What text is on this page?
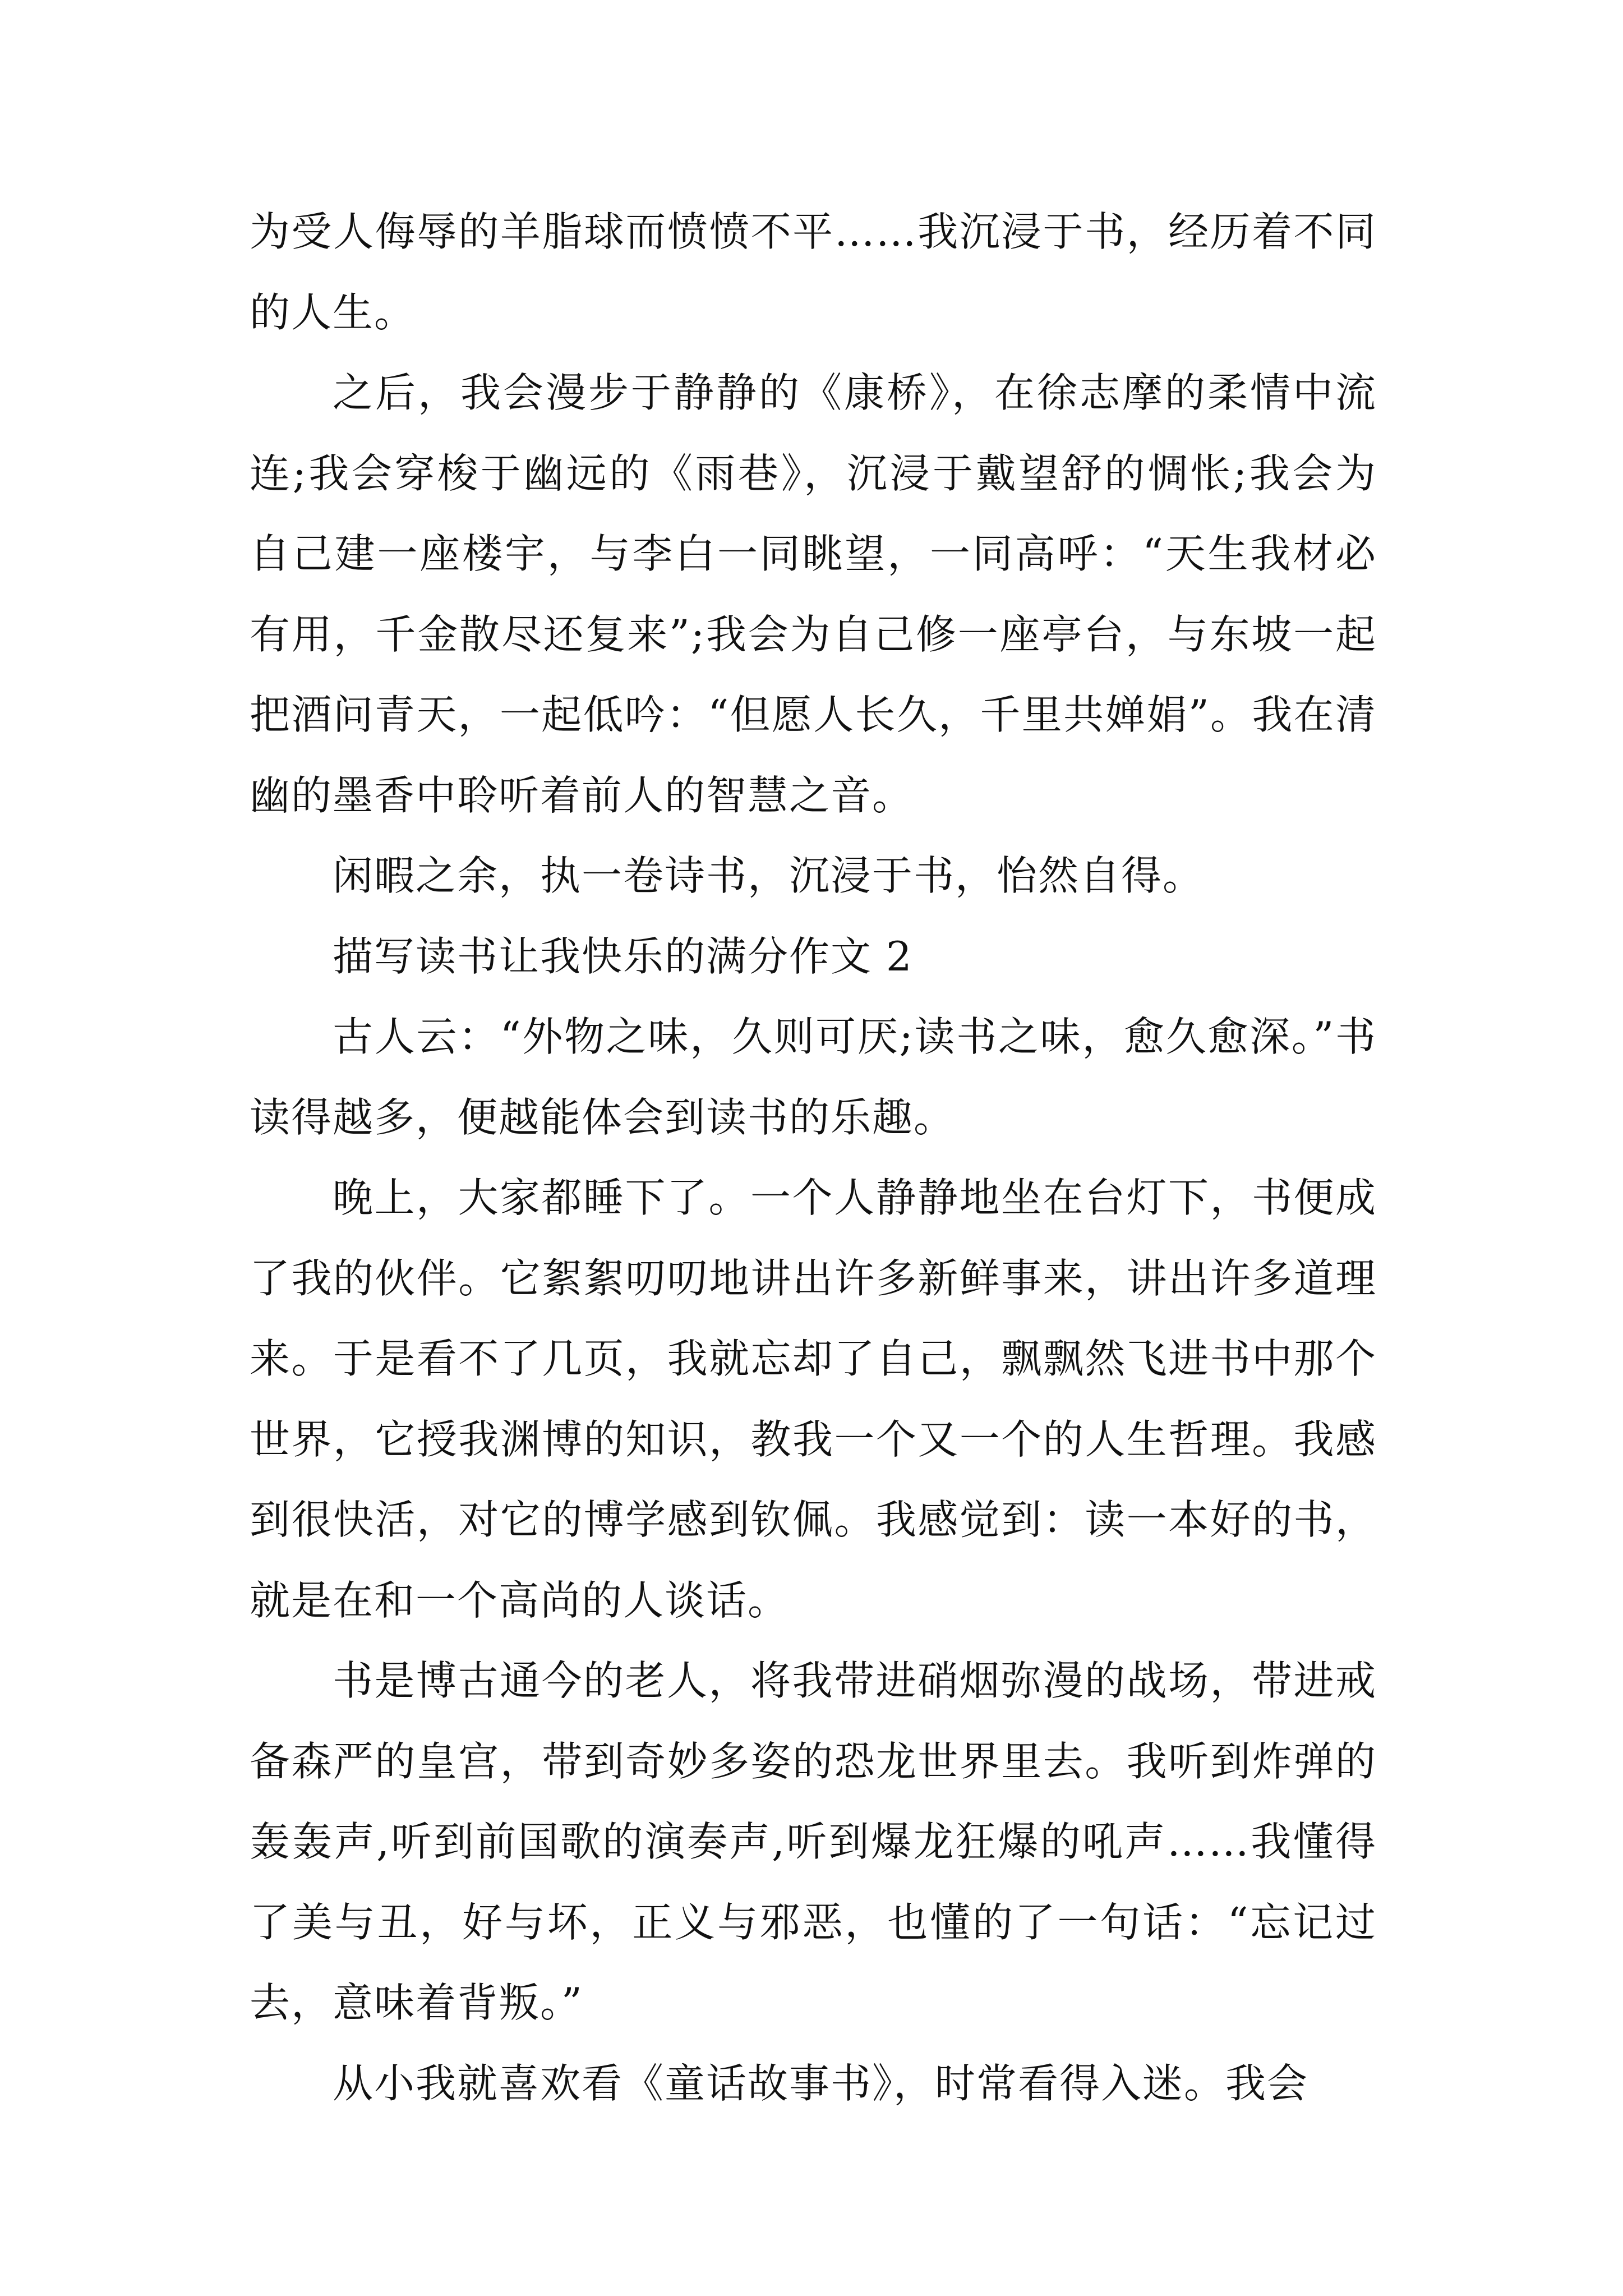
为受人侮辱的羊脂球而愤愤不平……我沉浸于书，经历着不同的人生。

之后，我会漫步于静静的《康桥》，在徐志摩的柔情中流连;我会穿梭于幽远的《雨巷》，沉浸于戴望舒的惆怅;我会为自己建一座楼宇，与李白一同眺望，一同高呼：“天生我材必有用，千金散尽还复来”;我会为自己修一座亭台，与东坡一起把酒问青天，一起低吟：“但愿人长久，千里共婵娟”。我在清幽的墨香中聆听着前人的智慧之音。

闲暇之余，执一卷诗书，沉浸于书，怡然自得。

描写读书让我快乐的满分作文 2

古人云：“外物之味，久则可厌;读书之味，愈久愈深。”书读得越多，便越能体会到读书的乐趣。

晚上，大家都睡下了。一个人静静地坐在台灯下，书便成了我的伙伴。它絮絮叨叨地讲出许多新鲜事来，讲出许多道理来。于是看不了几页，我就忘却了自己，飘飘然飞进书中那个世界，它授我渊博的知识，教我一个又一个的人生哲理。我感到很快活，对它的博学感到钦佩。我感觉到：读一本好的书，就是在和一个高尚的人谈话。

书是博古通今的老人，将我带进硝烟弥漫的战场，带进戒备森严的皇宫，带到奇妙多姿的恐龙世界里去。我听到炸弹的轰轰声,听到前国歌的演奏声,听到爆龙狂爆的吼声……我懂得了美与丑，好与坏，正义与邪恶，也懂的了一句话：“忘记过去，意味着背叛。”

从小我就喜欢看《童话故事书》，时常看得入迷。我会
